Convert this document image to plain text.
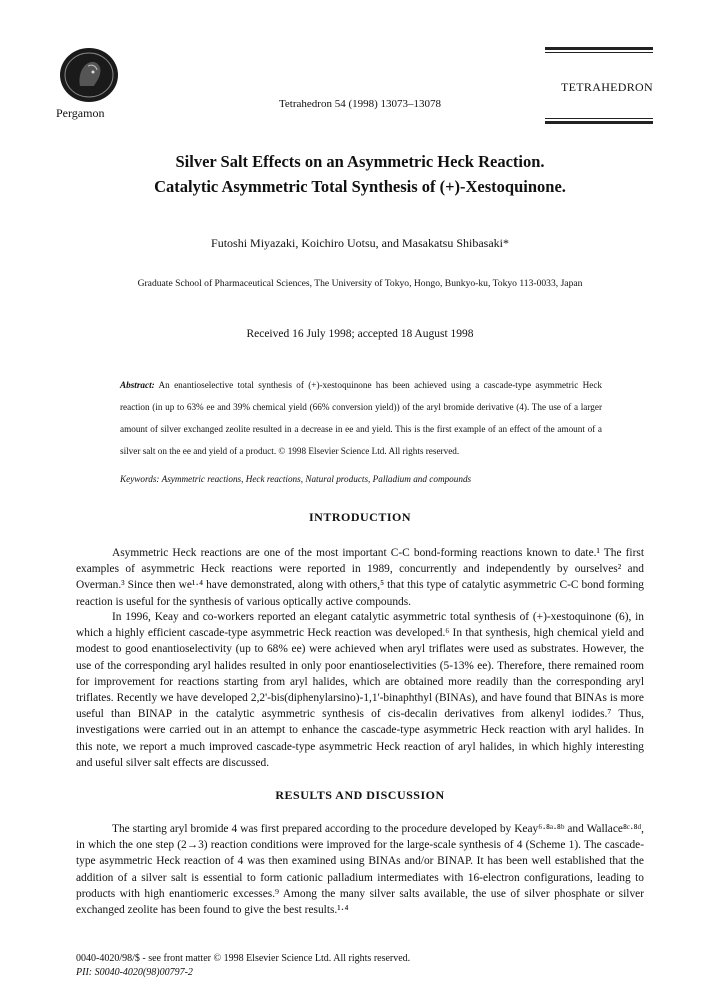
Pergamon
Tetrahedron 54 (1998) 13073–13078
TETRAHEDRON
Silver Salt Effects on an Asymmetric Heck Reaction.
Catalytic Asymmetric Total Synthesis of (+)-Xestoquinone.
Futoshi Miyazaki, Koichiro Uotsu, and Masakatsu Shibasaki*
Graduate School of Pharmaceutical Sciences, The University of Tokyo, Hongo, Bunkyo-ku, Tokyo 113-0033, Japan
Received 16 July 1998; accepted 18 August 1998
Abstract: An enantioselective total synthesis of (+)-xestoquinone has been achieved using a cascade-type asymmetric Heck reaction (in up to 63% ee and 39% chemical yield (66% conversion yield)) of the aryl bromide derivative (4). The use of a larger amount of silver exchanged zeolite resulted in a decrease in ee and yield. This is the first example of an effect of the amount of a silver salt on the ee and yield of a product. © 1998 Elsevier Science Ltd. All rights reserved.
Keywords: Asymmetric reactions, Heck reactions, Natural products, Palladium and compounds
INTRODUCTION

Asymmetric Heck reactions are one of the most important C-C bond-forming reactions known to date.¹ The first examples of asymmetric Heck reactions were reported in 1989, concurrently and independently by ourselves² and Overman.³ Since then we¹·⁴ have demonstrated, along with others,⁵ that this type of catalytic asymmetric C-C bond forming reaction is useful for the synthesis of various optically active compounds.

In 1996, Keay and co-workers reported an elegant catalytic asymmetric total synthesis of (+)-xestoquinone (6), in which a highly efficient cascade-type asymmetric Heck reaction was developed.⁶ In that synthesis, high chemical yield and modest to good enantioselectivity (up to 68% ee) were achieved when aryl triflates were used as substrates. However, the use of the corresponding aryl halides resulted in only poor enantioselectivities (5-13% ee). Therefore, there remained room for improvement for reactions starting from aryl halides, which are obtained more readily than the corresponding aryl triflates. Recently we have developed 2,2'-bis(diphenylarsino)-1,1'-binaphthyl (BINAs), and have found that BINAs is more useful than BINAP in the catalytic asymmetric synthesis of cis-decalin derivatives from alkenyl iodides.⁷ Thus, investigations were carried out in an attempt to enhance the cascade-type asymmetric Heck reaction with aryl halides. In this note, we report a much improved cascade-type asymmetric Heck reaction of aryl halides, in which highly interesting and useful silver salt effects are discussed.

RESULTS AND DISCUSSION

The starting aryl bromide 4 was first prepared according to the procedure developed by Keay⁶·⁸ᵃ·⁸ᵇ and Wallace⁸ᶜ·⁸ᵈ, in which the one step (2→3) reaction conditions were improved for the large-scale synthesis of 4 (Scheme 1). The cascade-type asymmetric Heck reaction of 4 was then examined using BINAs and/or BINAP. It has been well established that the addition of a silver salt is essential to form cationic palladium intermediates with 16-electron configurations, leading to products with high enantiomeric excesses.⁹ Among the many silver salts available, the use of silver phosphate or silver exchanged zeolite has been found to give the best results.¹·⁴

0040-4020/98/$ - see front matter © 1998 Elsevier Science Ltd. All rights reserved.
PII: S0040-4020(98)00797-2
